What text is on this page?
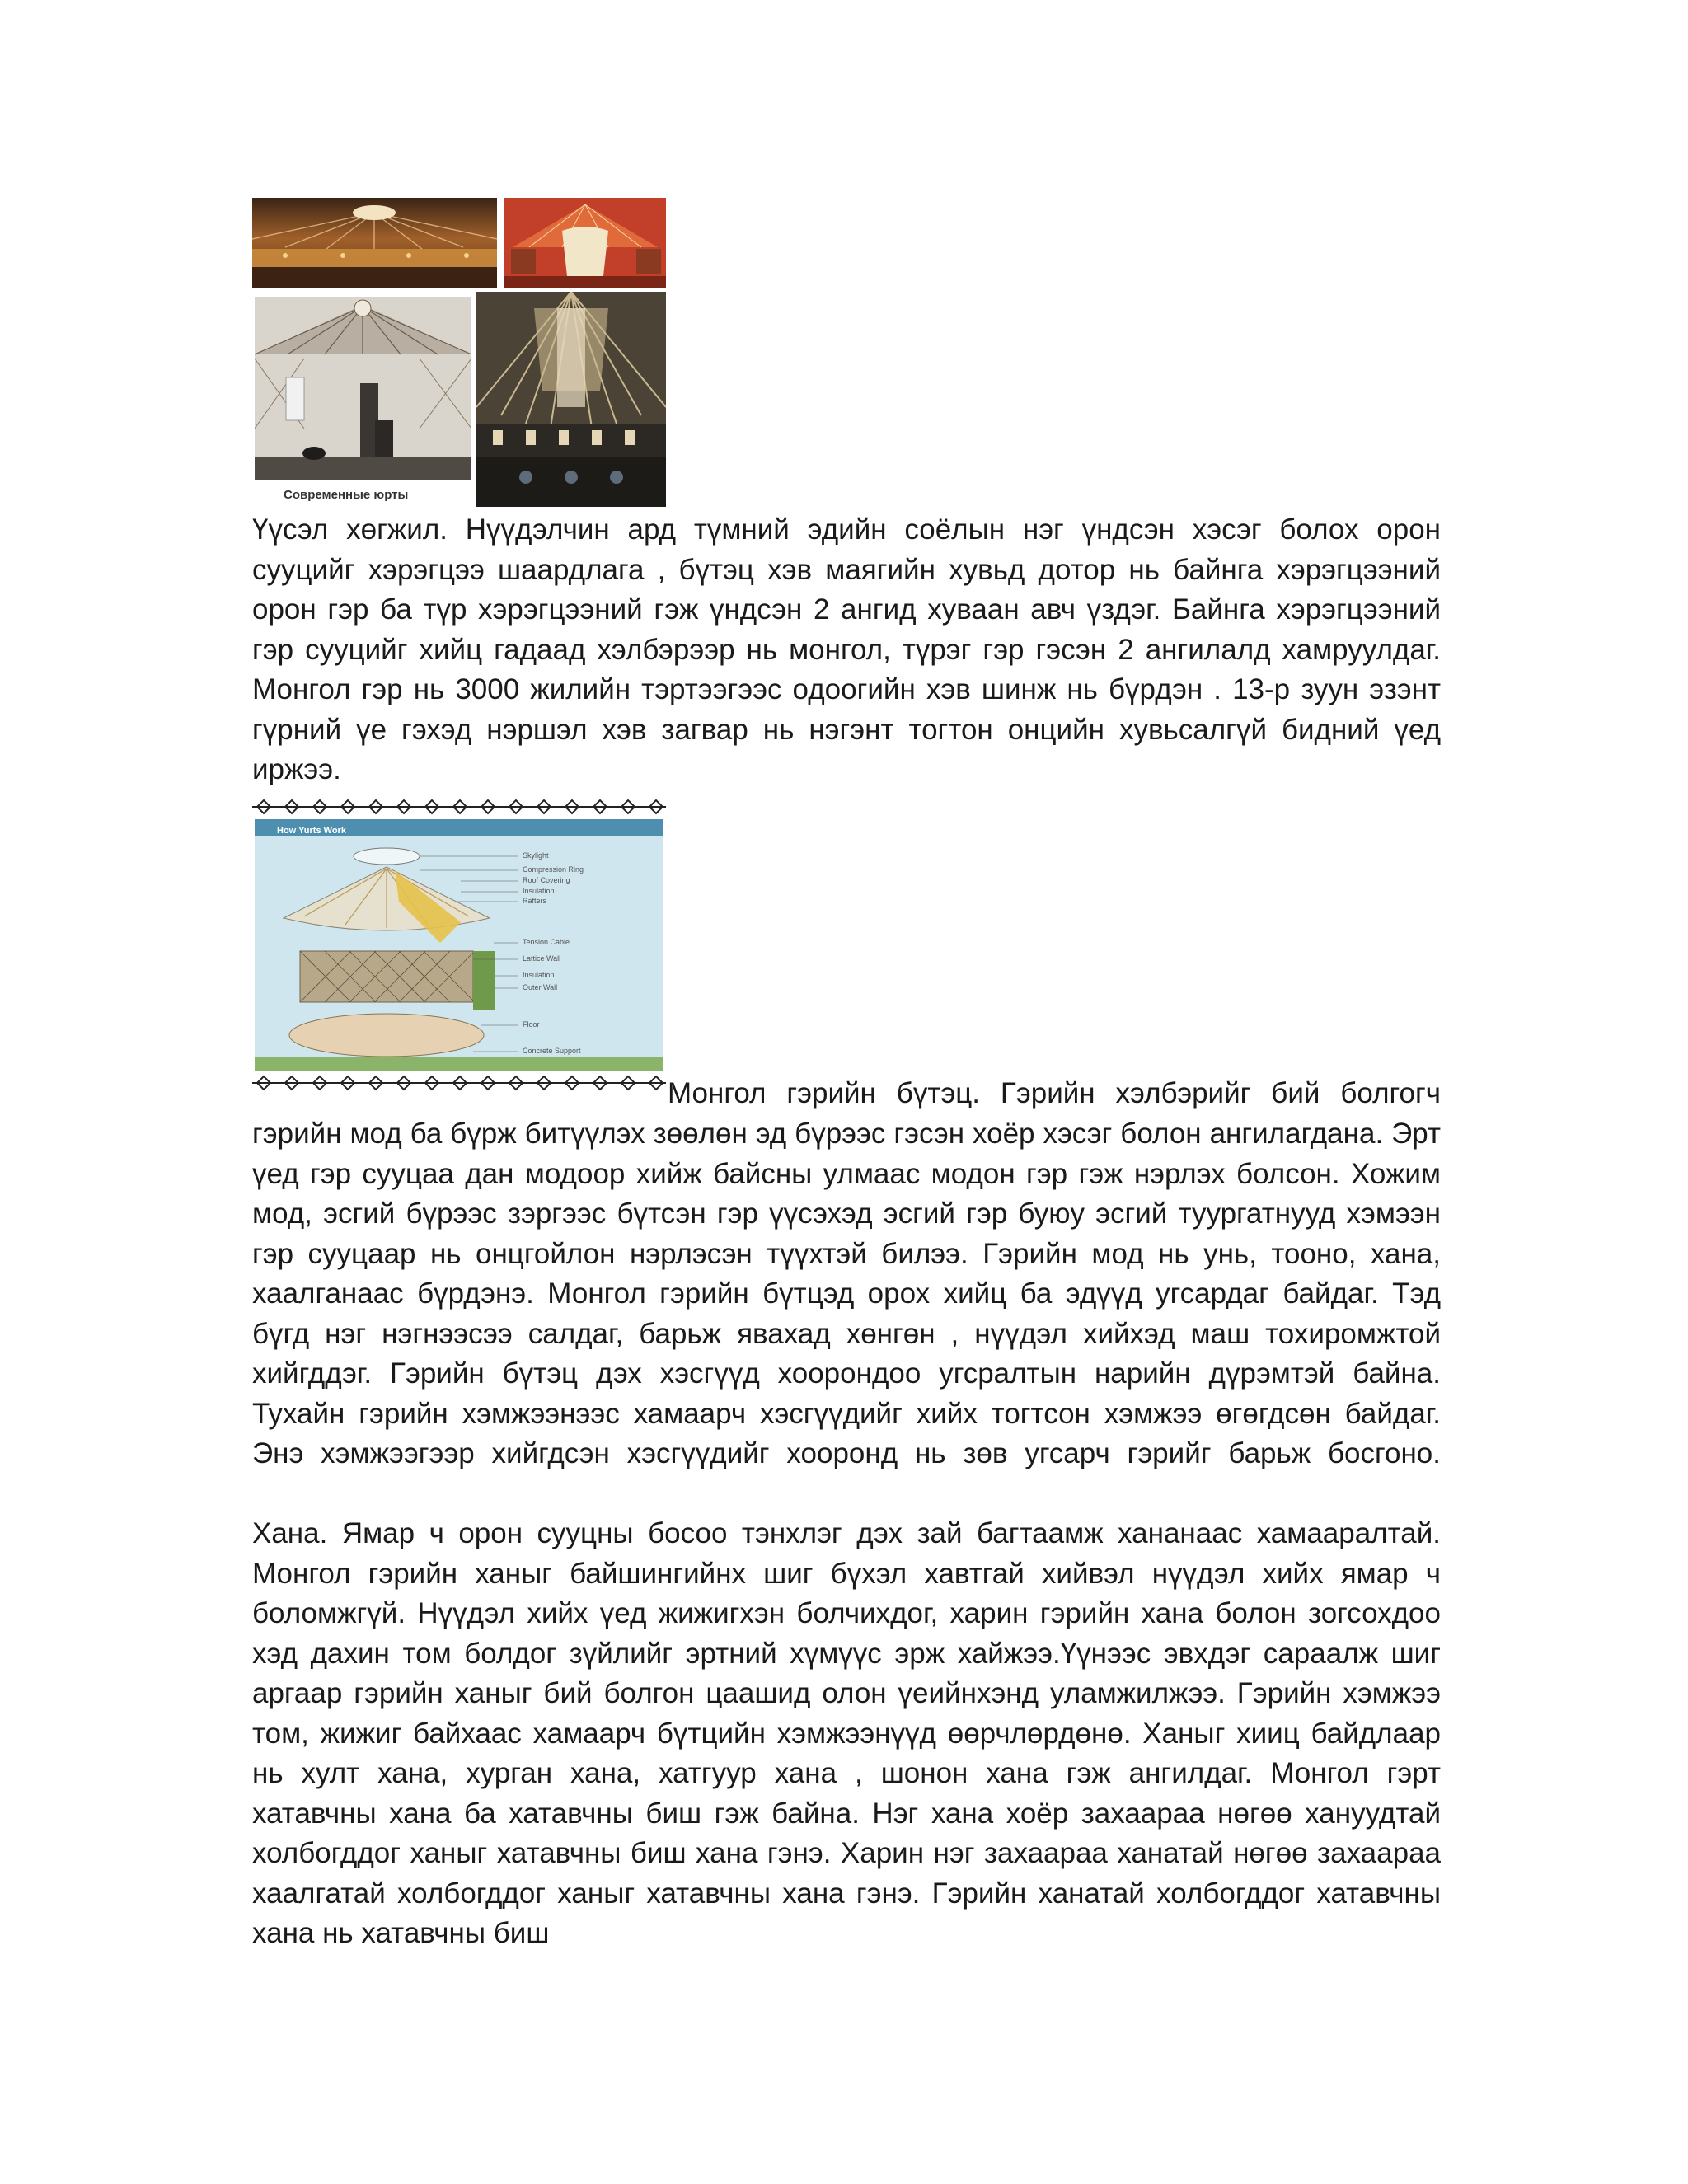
Современные юрты
Үүсэл хөгжил. Нүүдэлчин ард түмний эдийн соёлын нэг үндсэн хэсэг болох орон сууцийг хэрэгцээ шаардлага , бүтэц хэв маягийн хувьд дотор нь байнга хэрэгцээний орон гэр ба түр хэрэгцээний гэж үндсэн 2 ангид хуваан авч үздэг. Байнга хэрэгцээний гэр сууцийг хийц гадаад хэлбэрээр нь монгол, түрэг гэр гэсэн 2 ангилалд хамруулдаг. Монгол гэр нь 3000 жилийн тэртээгээс одоогийн хэв шинж нь бүрдэн . 13-р зуун эзэнт гүрний үе гэхэд нэршэл хэв загвар нь нэгэнт тогтон онцийн хувьсалгүй бидний үед иржээ.
How Yurts Work
Skylight
Compression Ring
Roof Covering
Insulation
Rafters
Tension Cable
Lattice Wall
Insulation
Outer Wall
Floor
Concrete Support
Монгол гэрийн бүтэц. Гэрийн хэлбэрийг бий болгогч
гэрийн мод ба бүрж битүүлэх зөөлөн эд бүрээс гэсэн хоёр хэсэг болон ангилагдана. Эрт үед гэр сууцаа дан модоор хийж байсны улмаас модон гэр гэж нэрлэх болсон. Хожим мод, эсгий бүрээс зэргээс бүтсэн гэр үүсэхэд эсгий гэр буюу эсгий туургатнууд хэмээн гэр сууцаар нь онцгойлон нэрлэсэн түүхтэй билээ. Гэрийн мод нь унь, тооно, хана, хаалганаас бүрдэнэ. Монгол гэрийн бүтцэд орох хийц ба эдүүд угсардаг байдаг. Тэд бүгд нэг нэгнээсээ салдаг, барьж явахад хөнгөн , нүүдэл хийхэд маш тохиромжтой хийгддэг. Гэрийн бүтэц дэх хэсгүүд хоорондоо угсралтын нарийн дүрэмтэй байна. Тухайн гэрийн хэмжээнээс хамаарч хэсгүүдийг хийх тогтсон хэмжээ өгөгдсөн байдаг. Энэ хэмжээгээр хийгдсэн хэсгүүдийг хооронд нь зөв угсарч гэрийг барьж босгоно.
Хана. Ямар ч орон сууцны босоо тэнхлэг дэх зай багтаамж хананаас хамааралтай. Монгол гэрийн ханыг байшингийнх шиг бүхэл хавтгай хийвэл нүүдэл хийх ямар ч боломжгүй. Нүүдэл хийх үед жижигхэн болчихдог, харин гэрийн хана болон зогсохдоо хэд дахин том болдог зүйлийг эртний хүмүүс эрж хайжээ.Үүнээс эвхдэг сараалж шиг аргаар гэрийн ханыг бий болгон цаашид олон үеийнхэнд уламжилжээ. Гэрийн хэмжээ том, жижиг байхаас хамаарч бүтцийн хэмжээнүүд өөрчлөрдөнө. Ханыг хииц байдлаар нь хулт хана, хурган хана, хатгуур хана , шонон хана гэж ангилдаг. Монгол гэрт хатавчны хана ба хатавчны биш гэж байна. Нэг хана хоёр захаараа нөгөө хануудтай холбогддог ханыг хатавчны биш хана гэнэ. Харин нэг захаараа ханатай нөгөө захаараа хаалгатай холбогддог ханыг хатавчны хана гэнэ. Гэрийн ханатай холбогддог хатавчны хана нь хатавчны биш
